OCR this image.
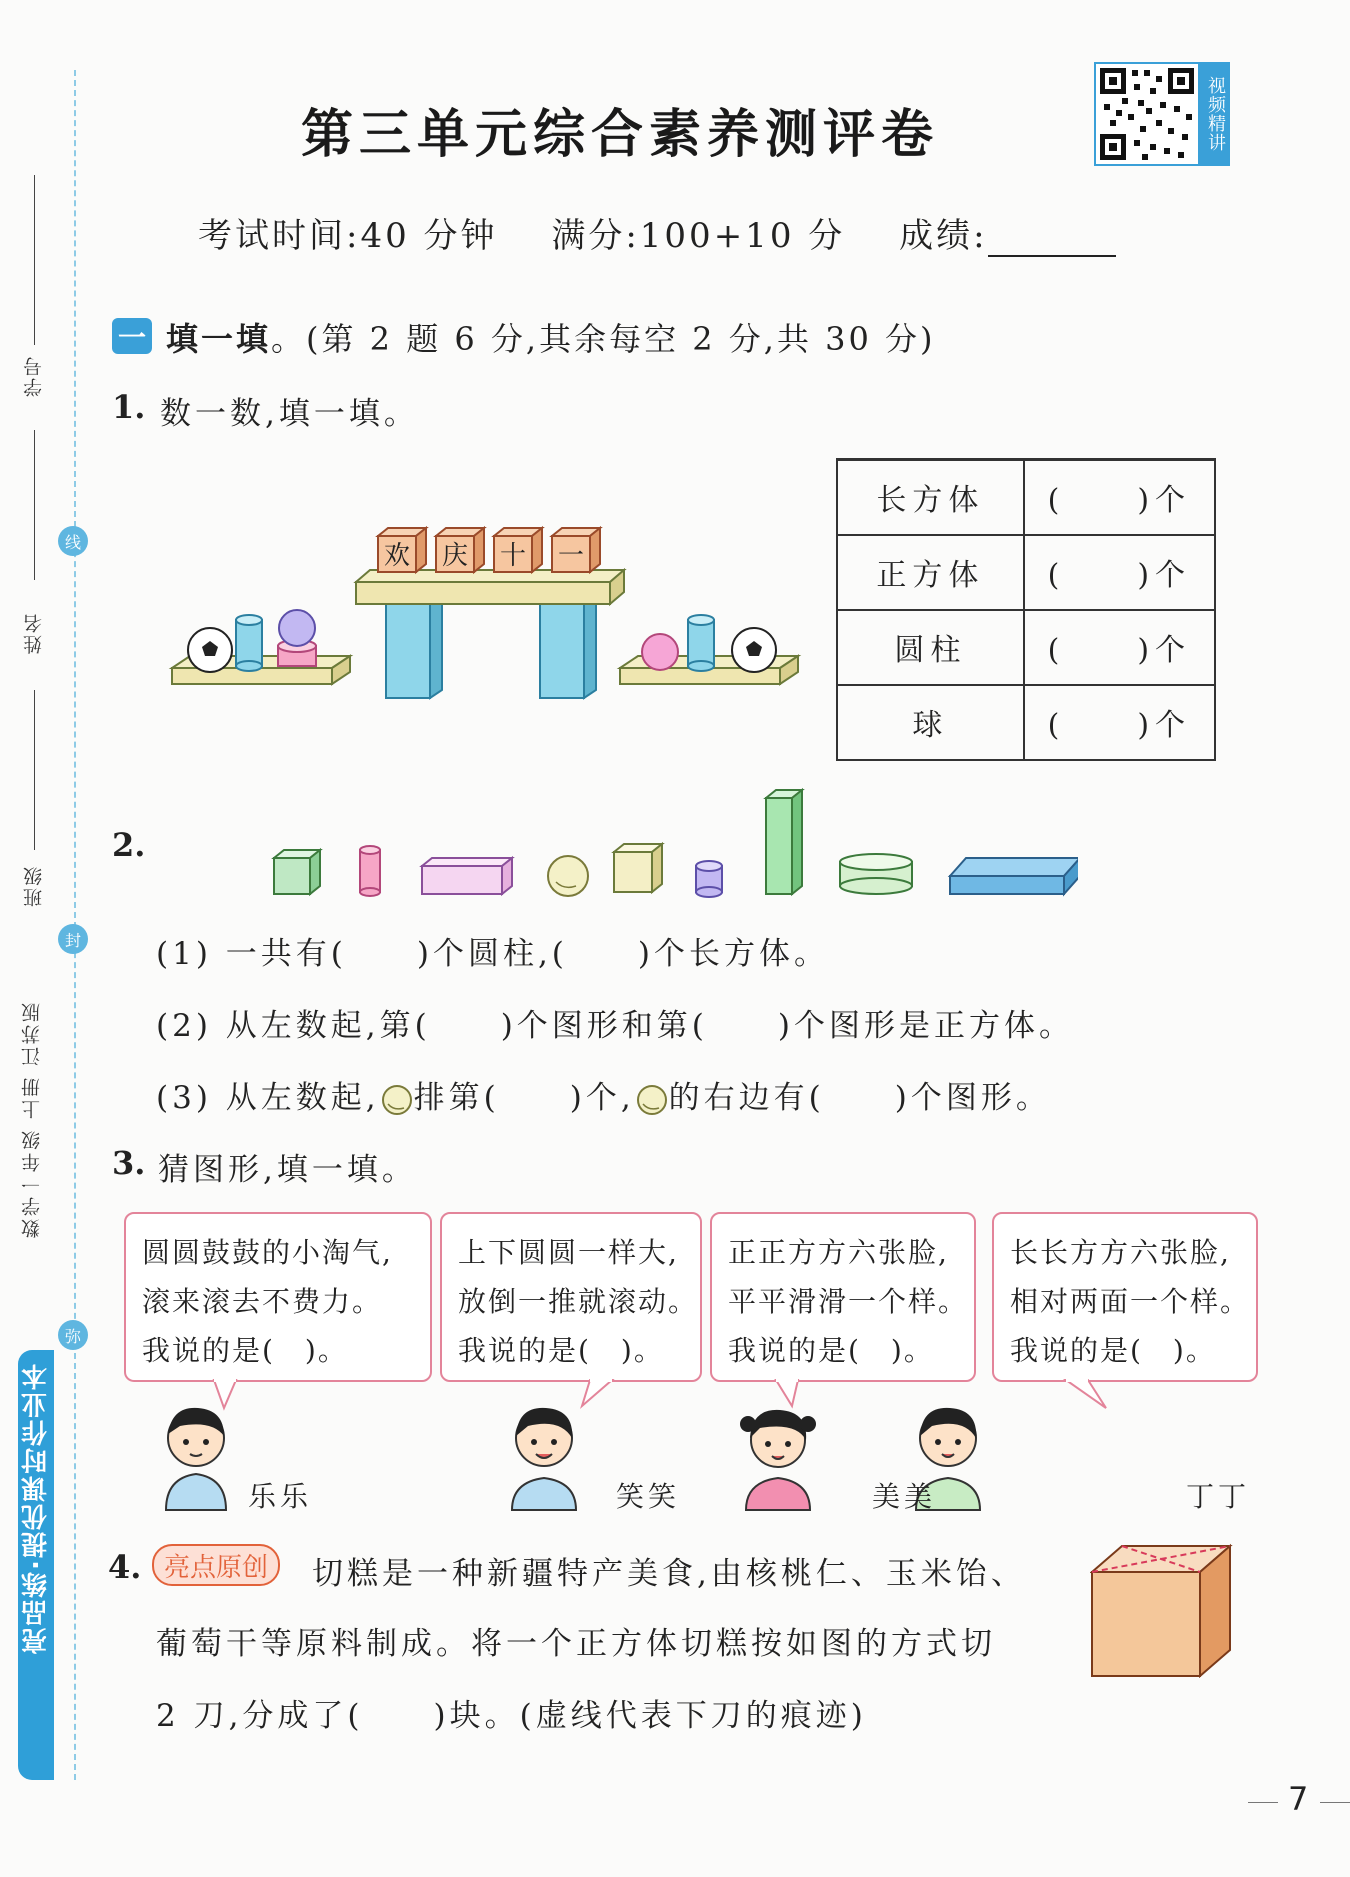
学号
线
姓名
班级
封
数学一年级 上册 江苏版
弥
亮品练·提优课时作业本
第三单元综合素养测评卷	视频精讲
考试时间:40 分钟 满分:100+10 分 成绩:
一 填一填。(第 2 题 6 分,其余每空 2 分,共 30 分)
1. 数一数,填一填。
欢 庆 十 一
长方体	(　　)个
正方体	(　　)个
圆柱	(　　)个
球	(　　)个
2.
(1) 一共有(　　)个圆柱,(　　)个长方体。
(2) 从左数起,第(　　)个图形和第(　　)个图形是正方体。
(3) 从左数起, 排第(　　)个, 的右边有(　　)个图形。
3. 猜图形,填一填。
圆圆鼓鼓的小淘气,
滚来滚去不费力。
我说的是(　)。
上下圆圆一样大,
放倒一推就滚动。
我说的是(　)。
正正方方六张脸,
平平滑滑一个样。
我说的是(　)。
长长方方六张脸,
相对两面一个样。
我说的是(　)。
乐乐	笑笑	美美	丁丁
4. 亮点原创	切糕是一种新疆特产美食,由核桃仁、玉米饴、
葡萄干等原料制成。将一个正方体切糕按如图的方式切
2 刀,分成了(　　)块。(虚线代表下刀的痕迹)
7
